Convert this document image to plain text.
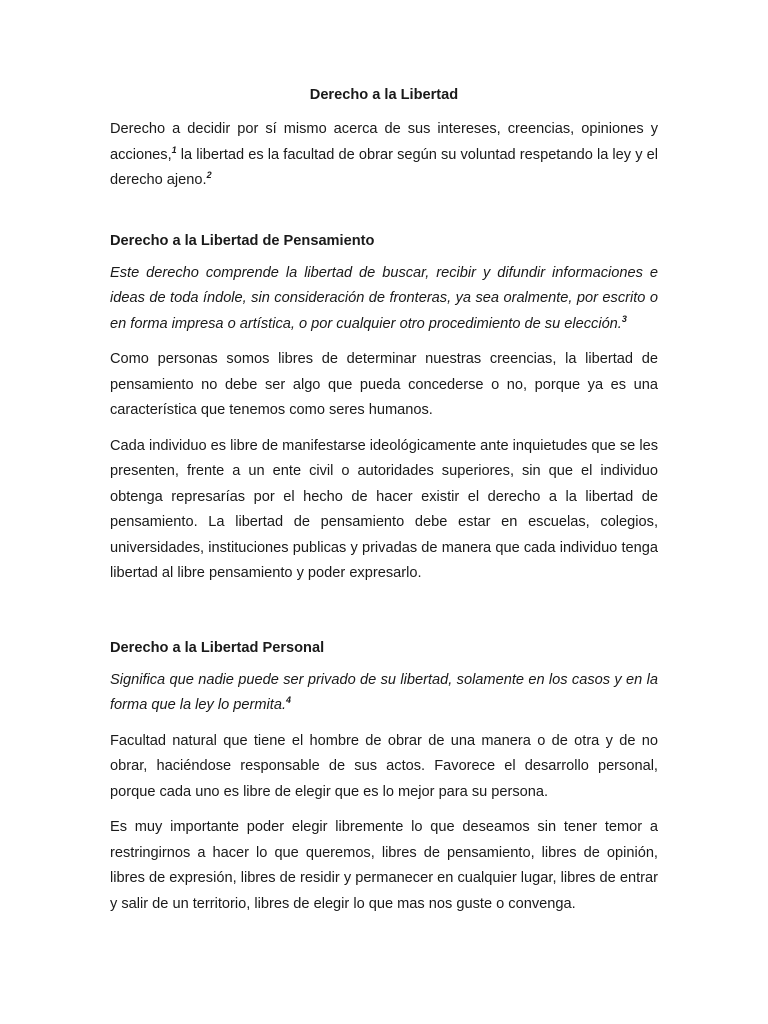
Derecho a la Libertad

Derecho a decidir por sí mismo acerca de sus intereses, creencias, opiniones y acciones,$^1$ la libertad es la facultad de obrar según su voluntad respetando la ley y el derecho ajeno.$^2$

Derecho a la Libertad de Pensamiento

Este derecho comprende la libertad de buscar, recibir y difundir informaciones e ideas de toda índole, sin consideración de fronteras, ya sea oralmente, por escrito o en forma impresa o artística, o por cualquier otro procedimiento de su elección.$^3$

Como personas somos libres de determinar nuestras creencias, la libertad de pensamiento no debe ser algo que pueda concederse o no, porque ya es una característica que tenemos como seres humanos.

Cada individuo es libre de manifestarse ideológicamente ante inquietudes que se les presenten, frente a un ente civil o autoridades superiores, sin que el individuo obtenga represarías por el hecho de hacer existir el derecho a la libertad de pensamiento. La libertad de pensamiento debe estar en escuelas, colegios, universidades, instituciones publicas y privadas de manera que cada individuo tenga libertad al libre pensamiento y poder expresarlo.

Derecho a la Libertad Personal

Significa que nadie puede ser privado de su libertad, solamente en los casos y en la forma que la ley lo permita.$^4$

Facultad natural que tiene el hombre de obrar de una manera o de otra y de no obrar, haciéndose responsable de sus actos. Favorece el desarrollo personal, porque cada uno es libre de elegir que es lo mejor para su persona.

Es muy importante poder elegir libremente lo que deseamos sin tener temor a restringirnos a hacer lo que queremos, libres de pensamiento, libres de opinión, libres de expresión, libres de residir y permanecer en cualquier lugar, libres de entrar y salir de un territorio, libres de elegir lo que mas nos guste o convenga.
